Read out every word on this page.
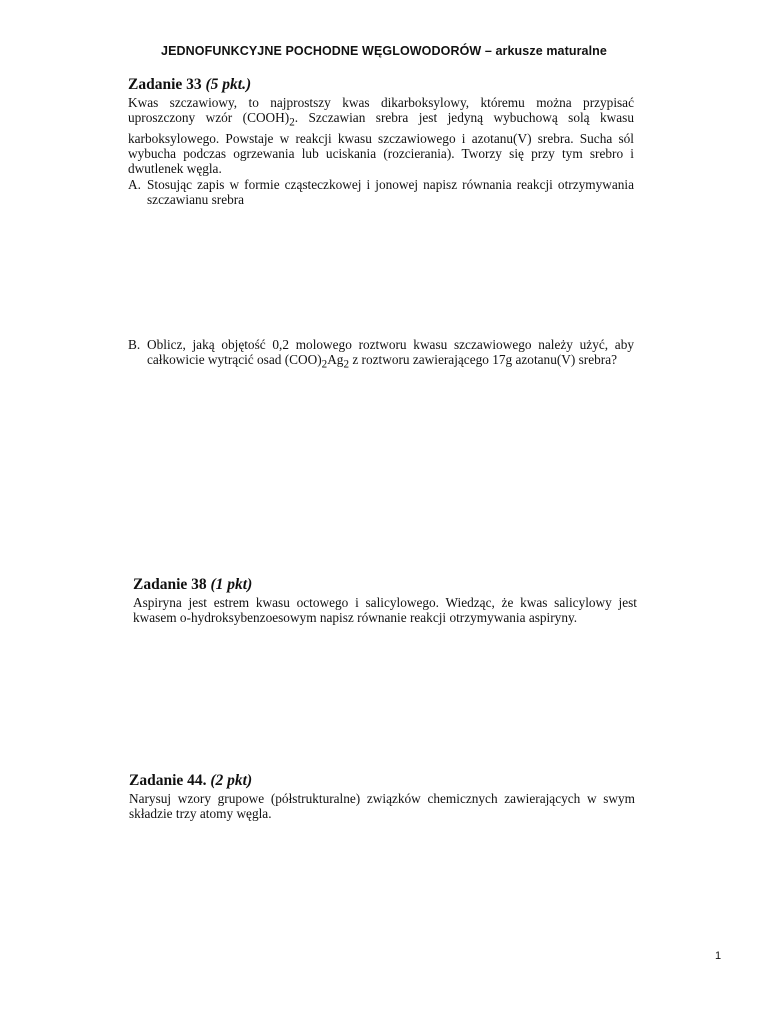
JEDNOFUNKCYJNE POCHODNE WĘGLOWODORÓW – arkusze maturalne
Zadanie 33 (5 pkt.)

Kwas szczawiowy, to najprostszy kwas dikarboksylowy, któremu można przypisać uproszczony wzór $(COOH)_2$. Szczawian srebra jest jedyną wybuchową solą kwasu karboksylowego. Powstaje w reakcji kwasu szczawiowego i azotanu(V) srebra. Sucha sól wybucha podczas ogrzewania lub uciskania (rozcierania). Tworzy się przy tym srebro i dwutlenek węgla.

A. Stosując zapis w formie cząsteczkowej i jonowej napisz równania reakcji otrzymywania szczawianu srebra

B. Oblicz, jaką objętość 0,2 molowego roztworu kwasu szczawiowego należy użyć, aby całkowicie wytrącić osad $(COO)_2Ag_2$ z roztworu zawierającego 17g azotanu(V) srebra?

Zadanie 38 (1 pkt)

Aspiryna jest estrem kwasu octowego i salicylowego. Wiedząc, że kwas salicylowy jest kwasem o-hydroksybenzoesowym napisz równanie reakcji otrzymywania aspiryny.

Zadanie 44. (2 pkt)

Narysuj wzory grupowe (półstrukturalne) związków chemicznych zawierających w swym składzie trzy atomy węgla.

1
